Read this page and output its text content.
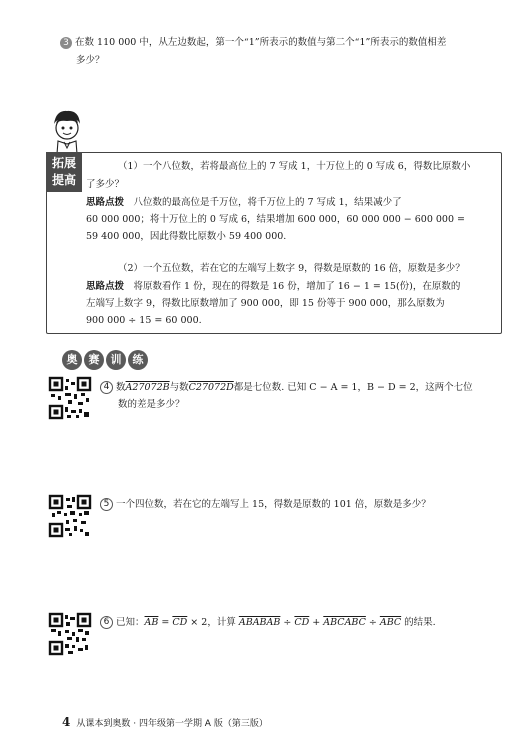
3 在数 110 000 中，从左边数起，第一个“1”所表示的数值与第二个“1”所表示的数值相差
多少？
拓展
提高
（1）一个八位数，若将最高位上的 7 写成 1，十万位上的 0 写成 6，得数比原数小
了多少？
思路点拨　八位数的最高位是千万位，将千万位上的 7 写成 1，结果减少了
60 000 000；将十万位上的 0 写成 6，结果增加 600 000，60 000 000 − 600 000 =
59 400 000，因此得数比原数小 59 400 000.
（2）一个五位数，若在它的左端写上数字 9，得数是原数的 16 倍，原数是多少？
思路点拨　将原数看作 1 份，现在的得数是 16 份，增加了 16 − 1 = 15(份)，在原数的
左端写上数字 9，得数比原数增加了 900 000，即 15 份等于 900 000，那么原数为
900 000 ÷ 15 = 60 000.
奥 赛 训 练
4 数A27072B与数C27072D都是七位数. 已知 C − A = 1，B − D = 2，这两个七位
数的差是多少？
5 一个四位数，若在它的左端写上 15，得数是原数的 101 倍，原数是多少？
6 已知：$\overline{AB} = \overline{CD} \times 2$，计算 ABABAB ÷ $\overline{CD}$ + ABCABC ÷ $\overline{ABC}$ 的结果.
4 从课本到奥数 · 四年级第一学期 A 版（第三版）
